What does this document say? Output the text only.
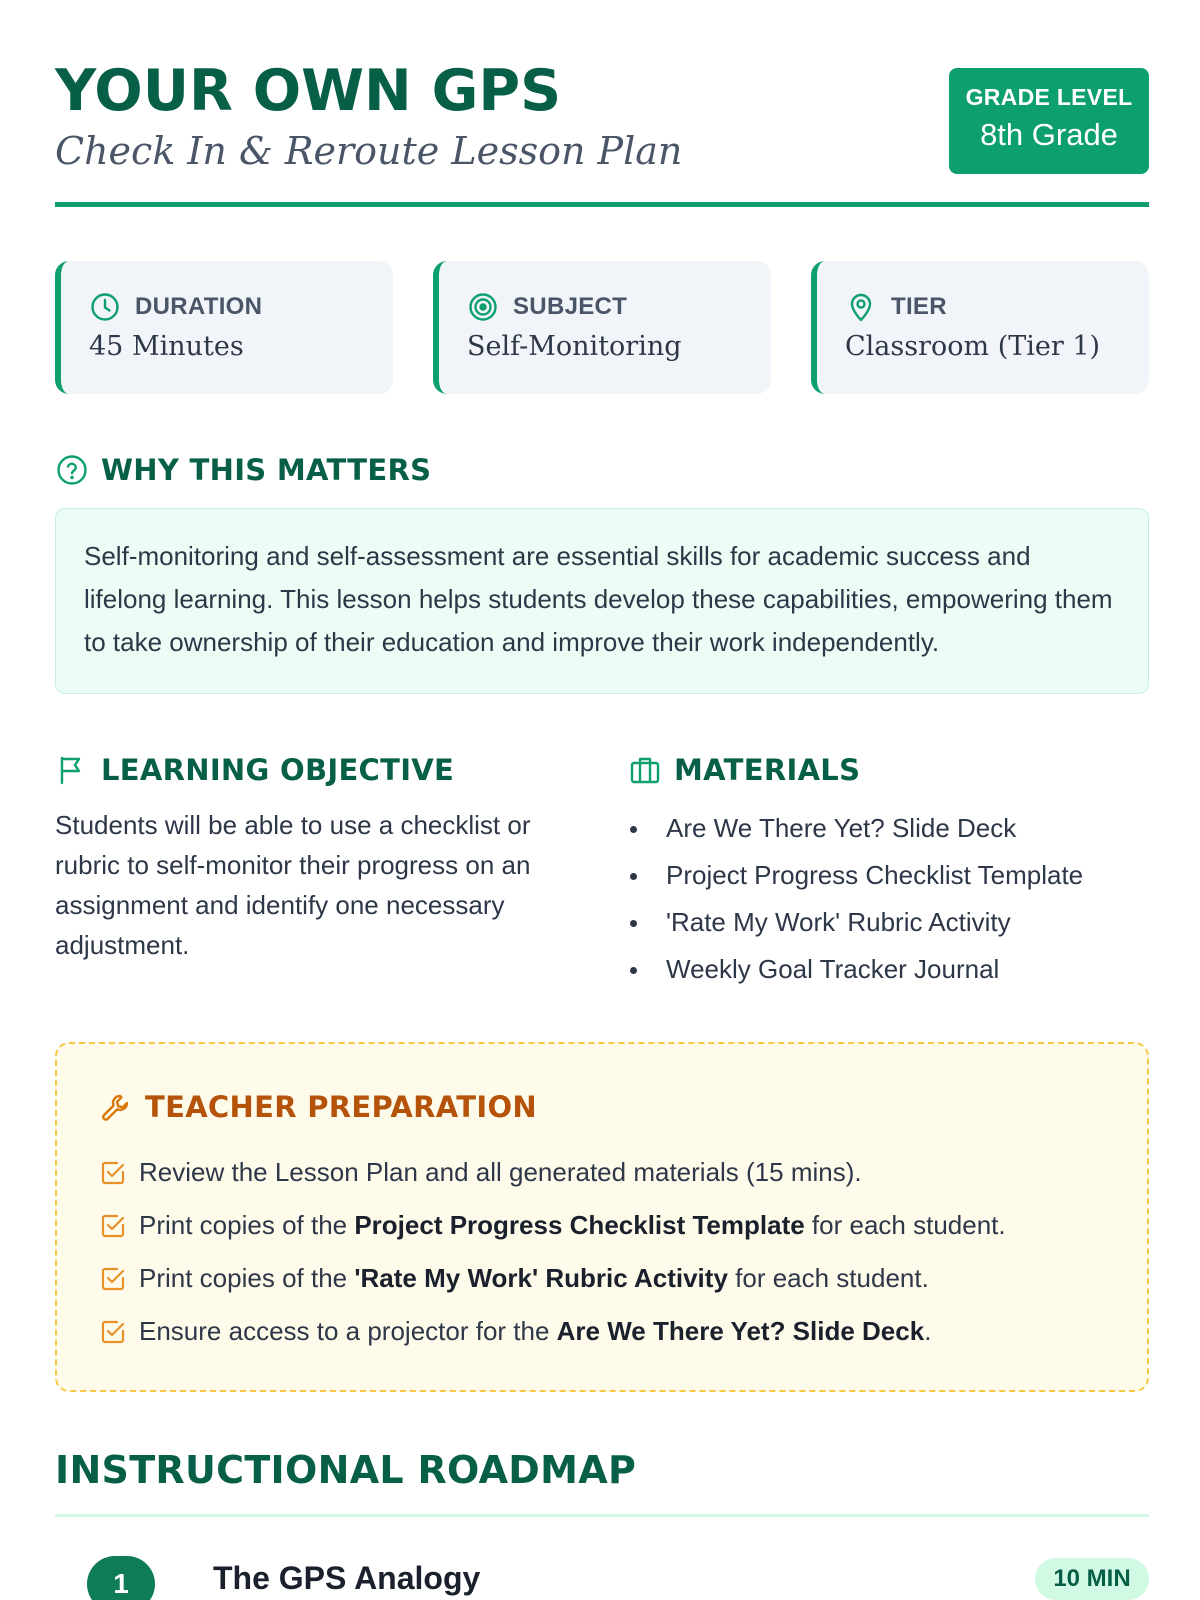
YOUR OWN GPS
Check In & Reroute Lesson Plan
GRADE LEVEL
8th Grade
DURATION
45 Minutes
SUBJECT
Self-Monitoring
TIER
Classroom (Tier 1)
WHY THIS MATTERS
Self-monitoring and self-assessment are essential skills for academic success and lifelong learning. This lesson helps students develop these capabilities, empowering them to take ownership of their education and improve their work independently.
LEARNING OBJECTIVE
Students will be able to use a checklist or rubric to self-monitor their progress on an assignment and identify one necessary adjustment.
MATERIALS
Are We There Yet? Slide Deck
Project Progress Checklist Template
'Rate My Work' Rubric Activity
Weekly Goal Tracker Journal
TEACHER PREPARATION
Review the Lesson Plan and all generated materials (15 mins).
Print copies of the Project Progress Checklist Template for each student.
Print copies of the 'Rate My Work' Rubric Activity for each student.
Ensure access to a projector for the Are We There Yet? Slide Deck.
INSTRUCTIONAL ROADMAP
1	The GPS Analogy	10 MIN
